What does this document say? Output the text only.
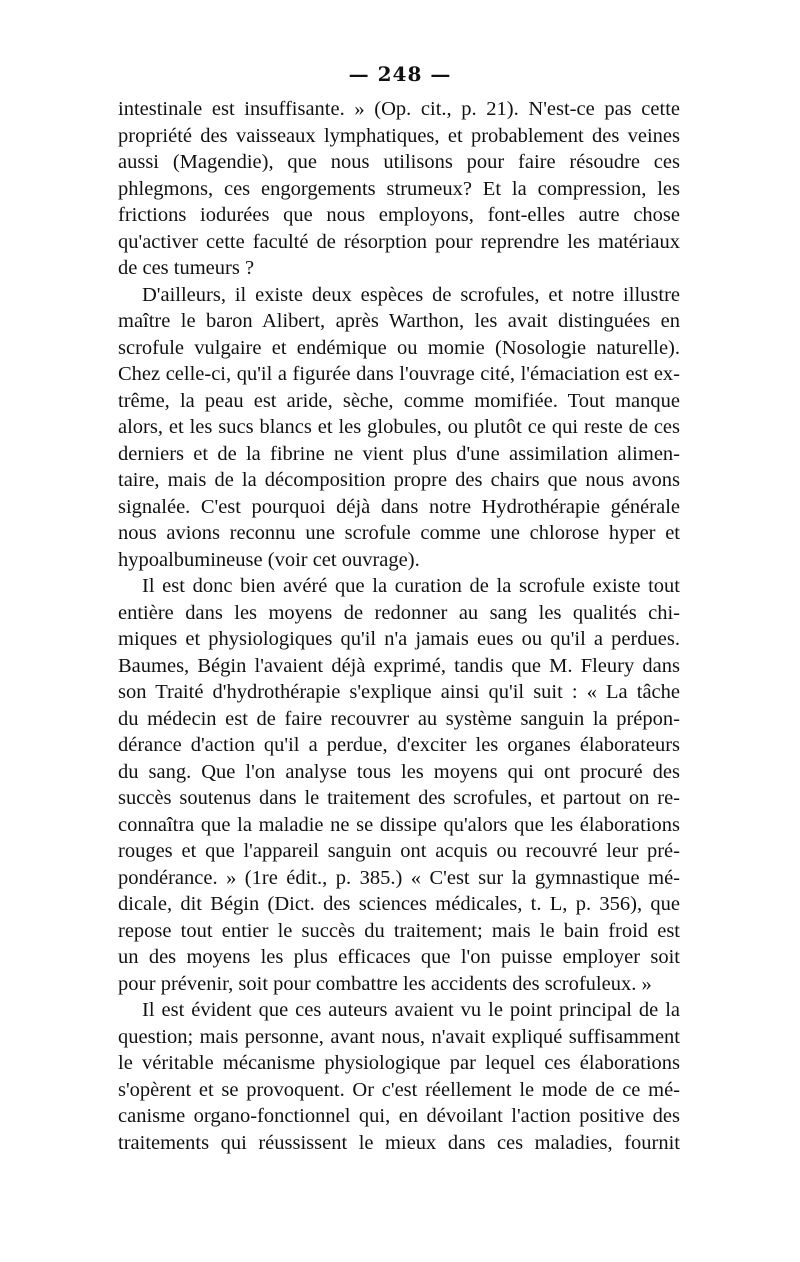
— 248 —
intestinale est insuffisante. » (Op. cit., p. 21). N'est-ce pas cette
propriété des vaisseaux lymphatiques, et probablement des veines
aussi (Magendie), que nous utilisons pour faire résoudre ces
phlegmons, ces engorgements strumeux? Et la compression, les
frictions iodurées que nous employons, font-elles autre chose
qu'activer cette faculté de résorption pour reprendre les matériaux
de ces tumeurs ?
D'ailleurs, il existe deux espèces de scrofules, et notre illustre
maître le baron Alibert, après Warthon, les avait distinguées en
scrofule vulgaire et endémique ou momie (Nosologie naturelle).
Chez celle-ci, qu'il a figurée dans l'ouvrage cité, l'émaciation est ex-
trême, la peau est aride, sèche, comme momifiée. Tout manque
alors, et les sucs blancs et les globules, ou plutôt ce qui reste de ces
derniers et de la fibrine ne vient plus d'une assimilation alimen-
taire, mais de la décomposition propre des chairs que nous avons
signalée. C'est pourquoi déjà dans notre Hydrothérapie générale
nous avions reconnu une scrofule comme une chlorose hyper et
hypoalbumineuse (voir cet ouvrage).
Il est donc bien avéré que la curation de la scrofule existe tout
entière dans les moyens de redonner au sang les qualités chi-
miques et physiologiques qu'il n'a jamais eues ou qu'il a perdues.
Baumes, Bégin l'avaient déjà exprimé, tandis que M. Fleury dans
son Traité d'hydrothérapie s'explique ainsi qu'il suit : « La tâche
du médecin est de faire recouvrer au système sanguin la prépon-
dérance d'action qu'il a perdue, d'exciter les organes élaborateurs
du sang. Que l'on analyse tous les moyens qui ont procuré des
succès soutenus dans le traitement des scrofules, et partout on re-
connaîtra que la maladie ne se dissipe qu'alors que les élaborations
rouges et que l'appareil sanguin ont acquis ou recouvré leur pré-
pondérance. » (1re édit., p. 385.) « C'est sur la gymnastique mé-
dicale, dit Bégin (Dict. des sciences médicales, t. L, p. 356), que
repose tout entier le succès du traitement; mais le bain froid est
un des moyens les plus efficaces que l'on puisse employer soit
pour prévenir, soit pour combattre les accidents des scrofuleux. »
Il est évident que ces auteurs avaient vu le point principal de la
question; mais personne, avant nous, n'avait expliqué suffisamment
le véritable mécanisme physiologique par lequel ces élaborations
s'opèrent et se provoquent. Or c'est réellement le mode de ce mé-
canisme organo-fonctionnel qui, en dévoilant l'action positive des
traitements qui réussissent le mieux dans ces maladies, fournit
